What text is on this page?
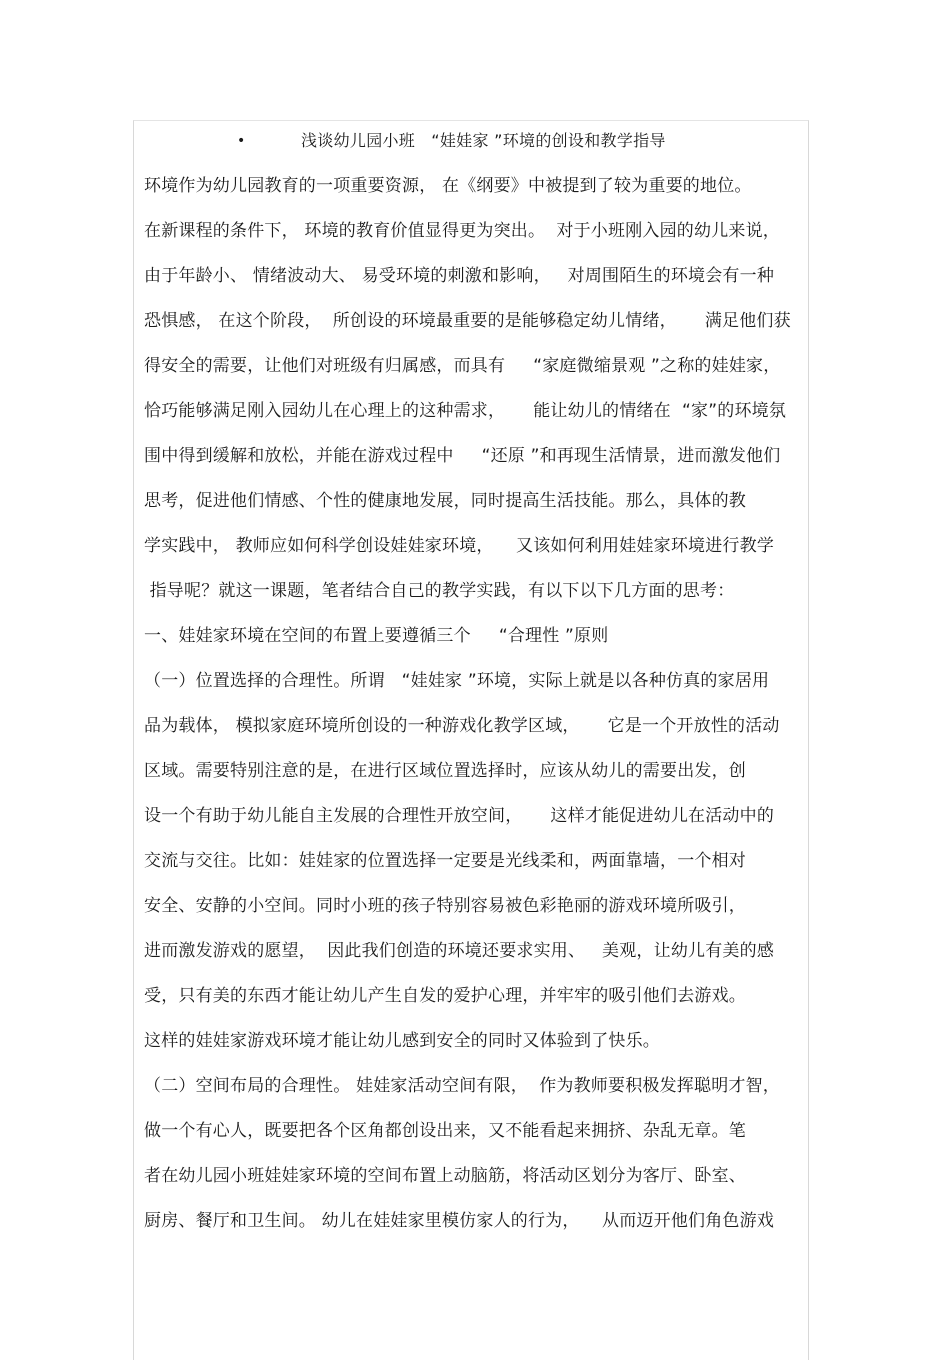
•	浅谈幼儿园小班   “娃娃家 ”环境的创设和教学指导
环境作为幼儿园教育的一项重要资源， 在《纲要》中被提到了较为重要的地位。
在新课程的条件下， 环境的教育价值显得更为突出。  对于小班刚入园的幼儿来说，
由于年龄小、 情绪波动大、 易受环境的刺激和影响，   对周围陌生的环境会有一种
恐惧感， 在这个阶段，  所创设的环境最重要的是能够稳定幼儿情绪，     满足他们获
得安全的需要，让他们对班级有归属感，而具有     “家庭微缩景观 ”之称的娃娃家，
恰巧能够满足刚入园幼儿在心理上的这种需求，     能让幼儿的情绪在  “家”的环境氛
围中得到缓解和放松，并能在游戏过程中     “还原 ”和再现生活情景，进而激发他们
思考，促进他们情感、个性的健康地发展，同时提高生活技能。那么，具体的教
学实践中， 教师应如何科学创设娃娃家环境，    又该如何利用娃娃家环境进行教学
指导呢？就这一课题，笔者结合自己的教学实践，有以下以下几方面的思考：
一、娃娃家环境在空间的布置上要遵循三个     “合理性 ”原则
（一）位置选择的合理性。所谓   “娃娃家 ”环境，实际上就是以各种仿真的家居用
品为载体， 模拟家庭环境所创设的一种游戏化教学区域，     它是一个开放性的活动
区域。需要特别注意的是，在进行区域位置选择时，应该从幼儿的需要出发，创
设一个有助于幼儿能自主发展的合理性开放空间，     这样才能促进幼儿在活动中的
交流与交往。比如：娃娃家的位置选择一定要是光线柔和，两面靠墙，一个相对
安全、安静的小空间。同时小班的孩子特别容易被色彩艳丽的游戏环境所吸引，
进而激发游戏的愿望，  因此我们创造的环境还要求实用、   美观，让幼儿有美的感
受，只有美的东西才能让幼儿产生自发的爱护心理，并牢牢的吸引他们去游戏。
这样的娃娃家游戏环境才能让幼儿感到安全的同时又体验到了快乐。
（二）空间布局的合理性。 娃娃家活动空间有限，  作为教师要积极发挥聪明才智，
做一个有心人，既要把各个区角都创设出来，又不能看起来拥挤、杂乱无章。笔
者在幼儿园小班娃娃家环境的空间布置上动脑筋，将活动区划分为客厅、卧室、
厨房、餐厅和卫生间。 幼儿在娃娃家里模仿家人的行为，    从而迈开他们角色游戏
